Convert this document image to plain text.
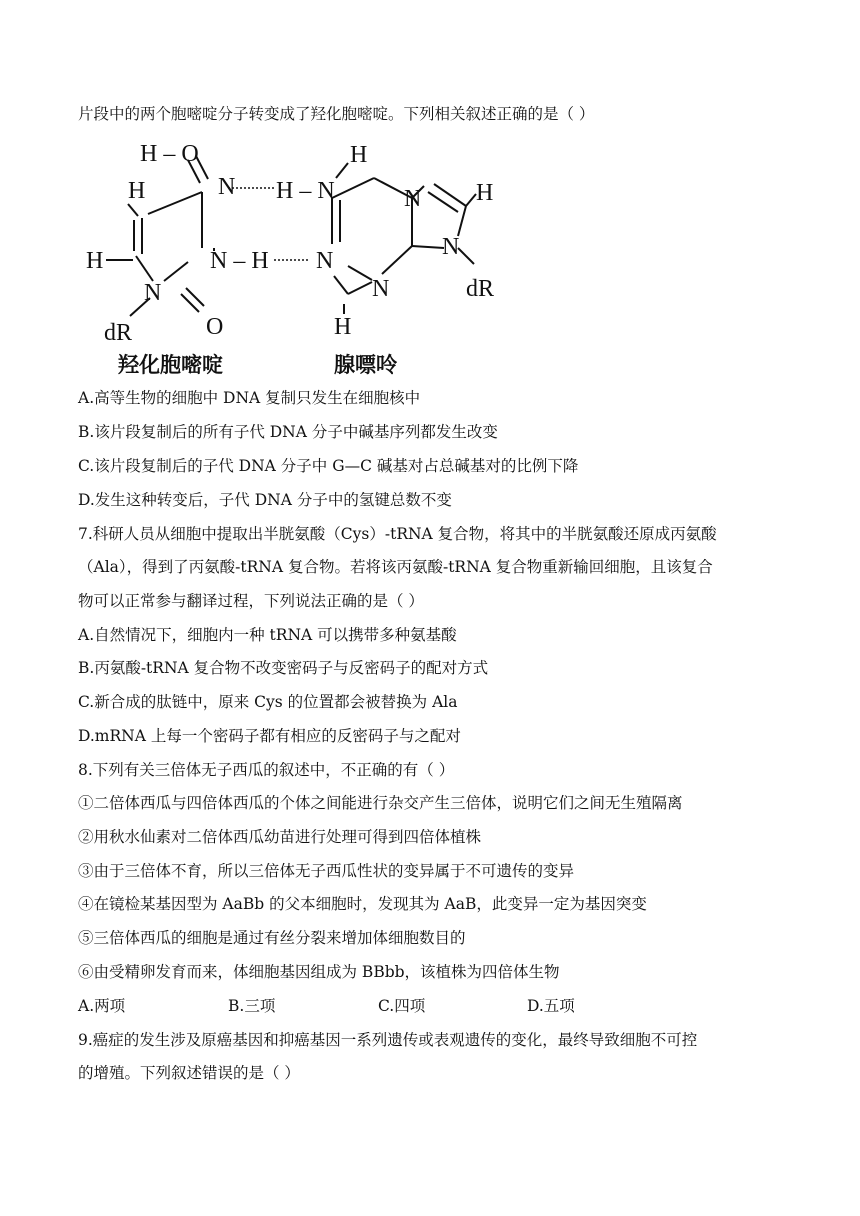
片段中的两个胞嘧啶分子转变成了羟化胞嘧啶。下列相关叙述正确的是（ ）
H – O
N
H
H	N – H
N
O
dR
H
H – N	N H
N
N
N
H
dR
羟化胞嘧啶	腺嘌呤
A.高等生物的细胞中 DNA 复制只发生在细胞核中
B.该片段复制后的所有子代 DNA 分子中碱基序列都发生改变
C.该片段复制后的子代 DNA 分子中 G—C 碱基对占总碱基对的比例下降
D.发生这种转变后，子代 DNA 分子中的氢键总数不变
7.科研人员从细胞中提取出半胱氨酸（Cys）-tRNA 复合物，将其中的半胱氨酸还原成丙氨酸
（Ala），得到了丙氨酸-tRNA 复合物。若将该丙氨酸-tRNA 复合物重新输回细胞，且该复合
物可以正常参与翻译过程，下列说法正确的是（ ）
A.自然情况下，细胞内一种 tRNA 可以携带多种氨基酸
B.丙氨酸-tRNA 复合物不改变密码子与反密码子的配对方式
C.新合成的肽链中，原来 Cys 的位置都会被替换为 Ala
D.mRNA 上每一个密码子都有相应的反密码子与之配对
8.下列有关三倍体无子西瓜的叙述中，不正确的有（ ）
①二倍体西瓜与四倍体西瓜的个体之间能进行杂交产生三倍体，说明它们之间无生殖隔离
②用秋水仙素对二倍体西瓜幼苗进行处理可得到四倍体植株
③由于三倍体不育，所以三倍体无子西瓜性状的变异属于不可遗传的变异
④在镜检某基因型为 AaBb 的父本细胞时，发现其为 AaB，此变异一定为基因突变
⑤三倍体西瓜的细胞是通过有丝分裂来增加体细胞数目的
⑥由受精卵发育而来，体细胞基因组成为 BBbb，该植株为四倍体生物
A.两项	B.三项	C.四项	D.五项
9.癌症的发生涉及原癌基因和抑癌基因一系列遗传或表观遗传的变化，最终导致细胞不可控
的增殖。下列叙述错误的是（ ）
